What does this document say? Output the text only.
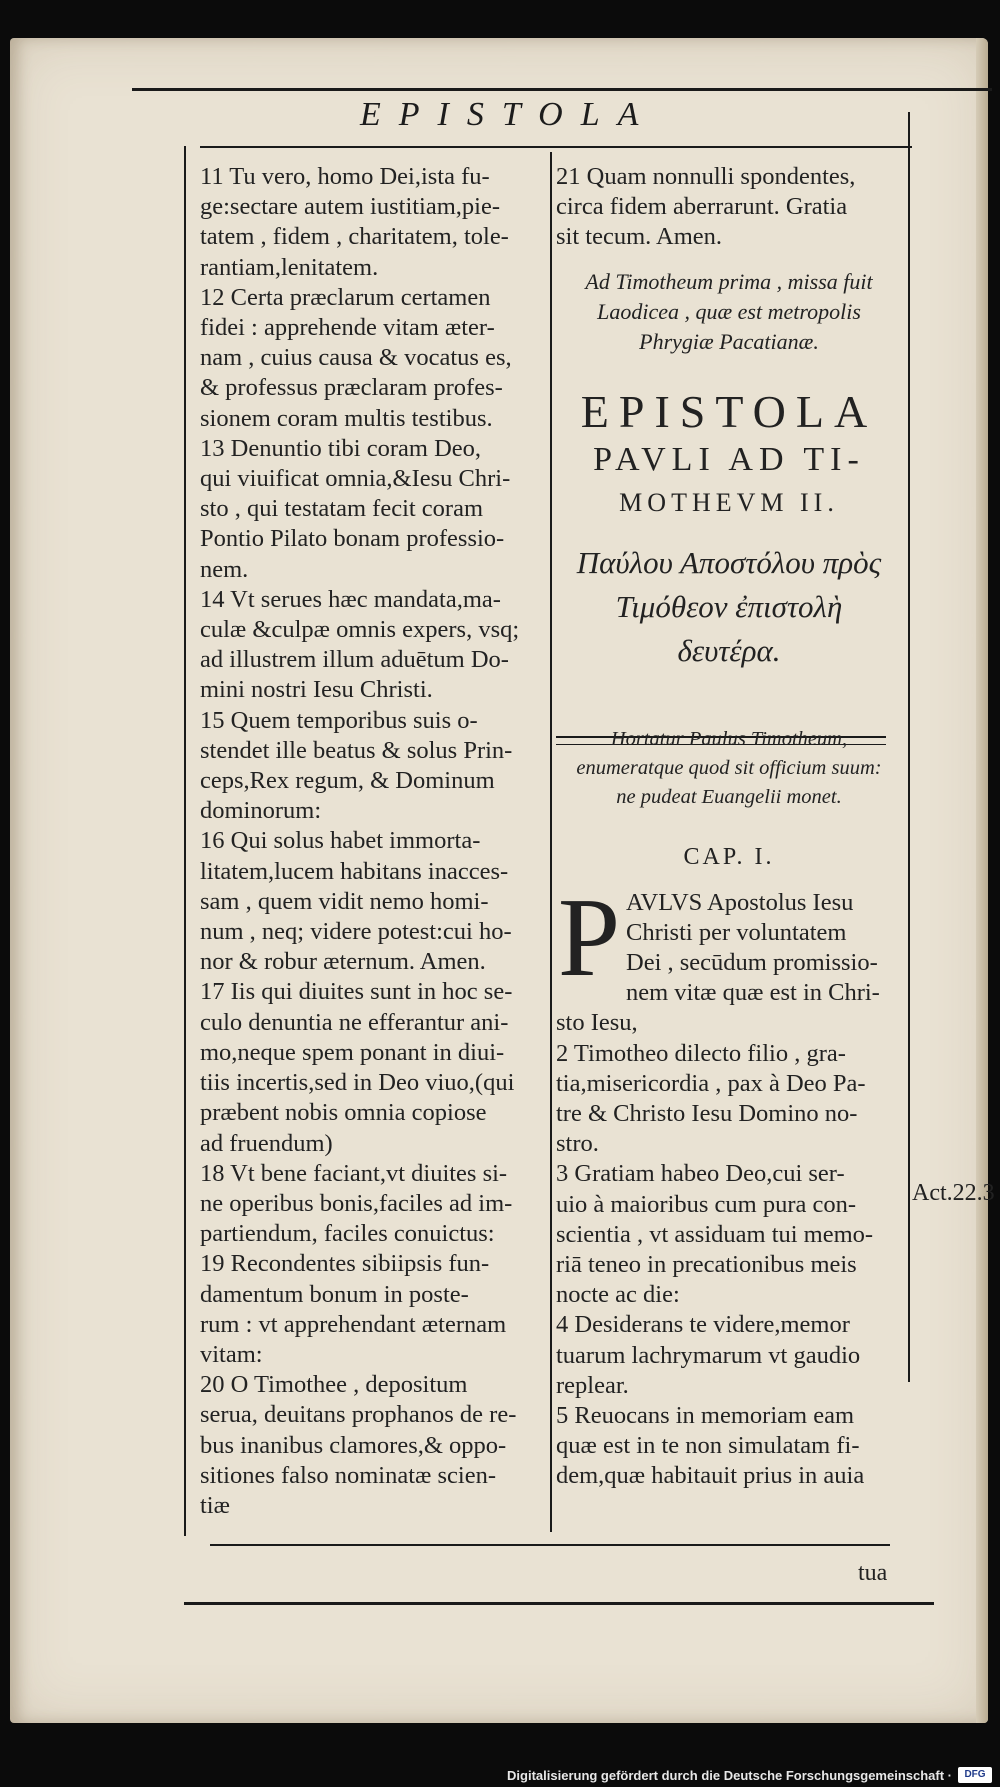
EPISTOLA

11 Tu vero, homo Dei,ista fu-

ge:sectare autem iustitiam,pie-

tatem , fidem , charitatem, tole-

rantiam,lenitatem.

12 Certa præclarum certamen

fidei : apprehende vitam æter-

nam , cuius causa & vocatus es,

& professus præclaram profes-

sionem coram multis testibus.

13 Denuntio tibi coram Deo,

qui viuificat omnia,&Iesu Chri-

sto , qui testatam fecit coram

Pontio Pilato bonam professio-

nem.

14 Vt serues hæc mandata,ma-

culæ &culpæ omnis expers, vsq;

ad illustrem illum aduētum Do-

mini nostri Iesu Christi.

15 Quem temporibus suis o-

stendet ille beatus & solus Prin-

ceps,Rex regum, & Dominum

dominorum:

16 Qui solus habet immorta-

litatem,lucem habitans inacces-

sam , quem vidit nemo homi-

num , neq; videre potest:cui ho-

nor & robur æternum. Amen.

17 Iis qui diuites sunt in hoc se-

culo denuntia ne efferantur ani-

mo,neque spem ponant in diui-

tiis incertis,sed in Deo viuo,(qui

præbent nobis omnia copiose

ad fruendum)

18 Vt bene faciant,vt diuites si-

ne operibus bonis,faciles ad im-

partiendum, faciles conuictus:

19 Recondentes sibiipsis fun-

damentum bonum in poste-

rum : vt apprehendant æternam

vitam:

20 O Timothee , depositum

serua, deuitans prophanos de re-

bus inanibus clamores,& oppo-

sitiones falso nominatæ scien-

tiæ

21 Quam nonnulli spondentes,

circa fidem aberrarunt. Gratia

sit tecum. Amen.

Ad Timotheum prima , missa fuit

Laodicea , quæ est metropolis

Phrygiæ Pacatianæ.

EPISTOLA
PAVLI AD TI-
MOTHEVM II.

Παύλου Αποστόλου πρὸς

Τιμόθεον ἐπιστολὴ

δευτέρα.

Hortatur Paulus Timotheum,

enumeratque quod sit officium suum:

ne pudeat Euangelii monet.

CAP. I.
P AVLVS Apostolus Iesu

Christi per voluntatem

Dei , secūdum promissio-

nem vitæ quæ est in Chri-

sto Iesu,

2 Timotheo dilecto filio , gra-

tia,misericordia , pax à Deo Pa-

tre & Christo Iesu Domino no-

stro.

3 Gratiam habeo Deo,cui ser-

uio à maioribus cum pura con-

scientia , vt assiduam tui memo-

riā teneo in precationibus meis

nocte ac die:

4 Desiderans te videre,memor

tuarum lachrymarum vt gaudio

replear.

5 Reuocans in memoriam eam

quæ est in te non simulatam fi-

dem,quæ habitauit prius in auia

Act.22.3
tua
Digitalisierung gefördert durch die Deutsche Forschungsgemeinschaft ·	DFG
